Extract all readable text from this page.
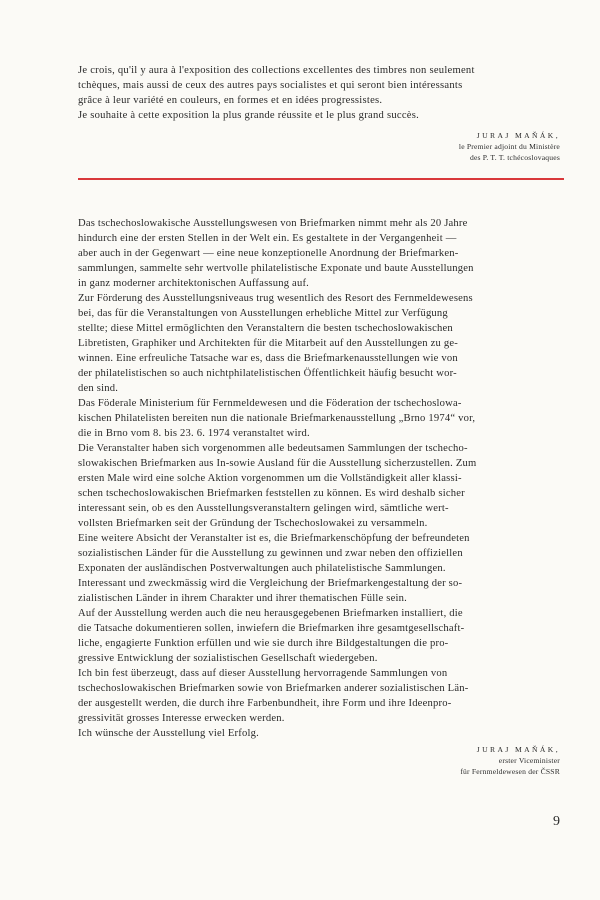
Je crois, qu'il y aura à l'exposition des collections excellentes des timbres non seulement

tchèques, mais aussi de ceux des autres pays socialistes et qui seront bien intéressants

grâce à leur variété en couleurs, en formes et en idées progressistes.

Je souhaite à cette exposition la plus grande réussite et le plus grand succès.

JURAJ MAŇÁK,
le Premier adjoint du Ministère
des P. T. T. tchécoslovaques

Das tschechoslowakische Ausstellungswesen von Briefmarken nimmt mehr als 20 Jahre

hindurch eine der ersten Stellen in der Welt ein. Es gestaltete in der Vergangenheit —

aber auch in der Gegenwart — eine neue konzeptionelle Anordnung der Briefmarken-

sammlungen, sammelte sehr wertvolle philatelistische Exponate und baute Ausstellungen

in ganz moderner architektonischen Auffassung auf.

Zur Förderung des Ausstellungsniveaus trug wesentlich des Resort des Fernmeldewesens

bei, das für die Veranstaltungen von Ausstellungen erhebliche Mittel zur Verfügung

stellte; diese Mittel ermöglichten den Veranstaltern die besten tschechoslowakischen

Libretisten, Graphiker und Architekten für die Mitarbeit auf den Ausstellungen zu ge-

winnen. Eine erfreuliche Tatsache war es, dass die Briefmarkenausstellungen wie von

der philatelistischen so auch nichtphilatelistischen Öffentlichkeit häufig besucht wor-

den sind.

Das Föderale Ministerium für Fernmeldewesen und die Föderation der tschechoslowa-

kischen Philatelisten bereiten nun die nationale Briefmarkenausstellung „Brno 1974“ vor,

die in Brno vom 8. bis 23. 6. 1974 veranstaltet wird.

Die Veranstalter haben sich vorgenommen alle bedeutsamen Sammlungen der tschecho-

slowakischen Briefmarken aus In-sowie Ausland für die Ausstellung sicherzustellen. Zum

ersten Male wird eine solche Aktion vorgenommen um die Vollständigkeit aller klassi-

schen tschechoslowakischen Briefmarken feststellen zu können. Es wird deshalb sicher

interessant sein, ob es den Ausstellungsveranstaltern gelingen wird, sämtliche wert-

vollsten Briefmarken seit der Gründung der Tschechoslowakei zu versammeln.

Eine weitere Absicht der Veranstalter ist es, die Briefmarkenschöpfung der befreundeten

sozialistischen Länder für die Ausstellung zu gewinnen und zwar neben den offiziellen

Exponaten der ausländischen Postverwaltungen auch philatelistische Sammlungen.

Interessant und zweckmässig wird die Vergleichung der Briefmarkengestaltung der so-

zialistischen Länder in ihrem Charakter und ihrer thematischen Fülle sein.

Auf der Ausstellung werden auch die neu herausgegebenen Briefmarken installiert, die

die Tatsache dokumentieren sollen, inwiefern die Briefmarken ihre gesamtgesellschaft-

liche, engagierte Funktion erfüllen und wie sie durch ihre Bildgestaltungen die pro-

gressive Entwicklung der sozialistischen Gesellschaft wiedergeben.

Ich bin fest überzeugt, dass auf dieser Ausstellung hervorragende Sammlungen von

tschechoslowakischen Briefmarken sowie von Briefmarken anderer sozialistischen Län-

der ausgestellt werden, die durch ihre Farbenbundheit, ihre Form und ihre Ideenpro-

gressivität grosses Interesse erwecken werden.

Ich wünsche der Ausstellung viel Erfolg.

JURAJ MAŇÁK,
erster Viceminister
für Fernmeldewesen der ČSSR
9
